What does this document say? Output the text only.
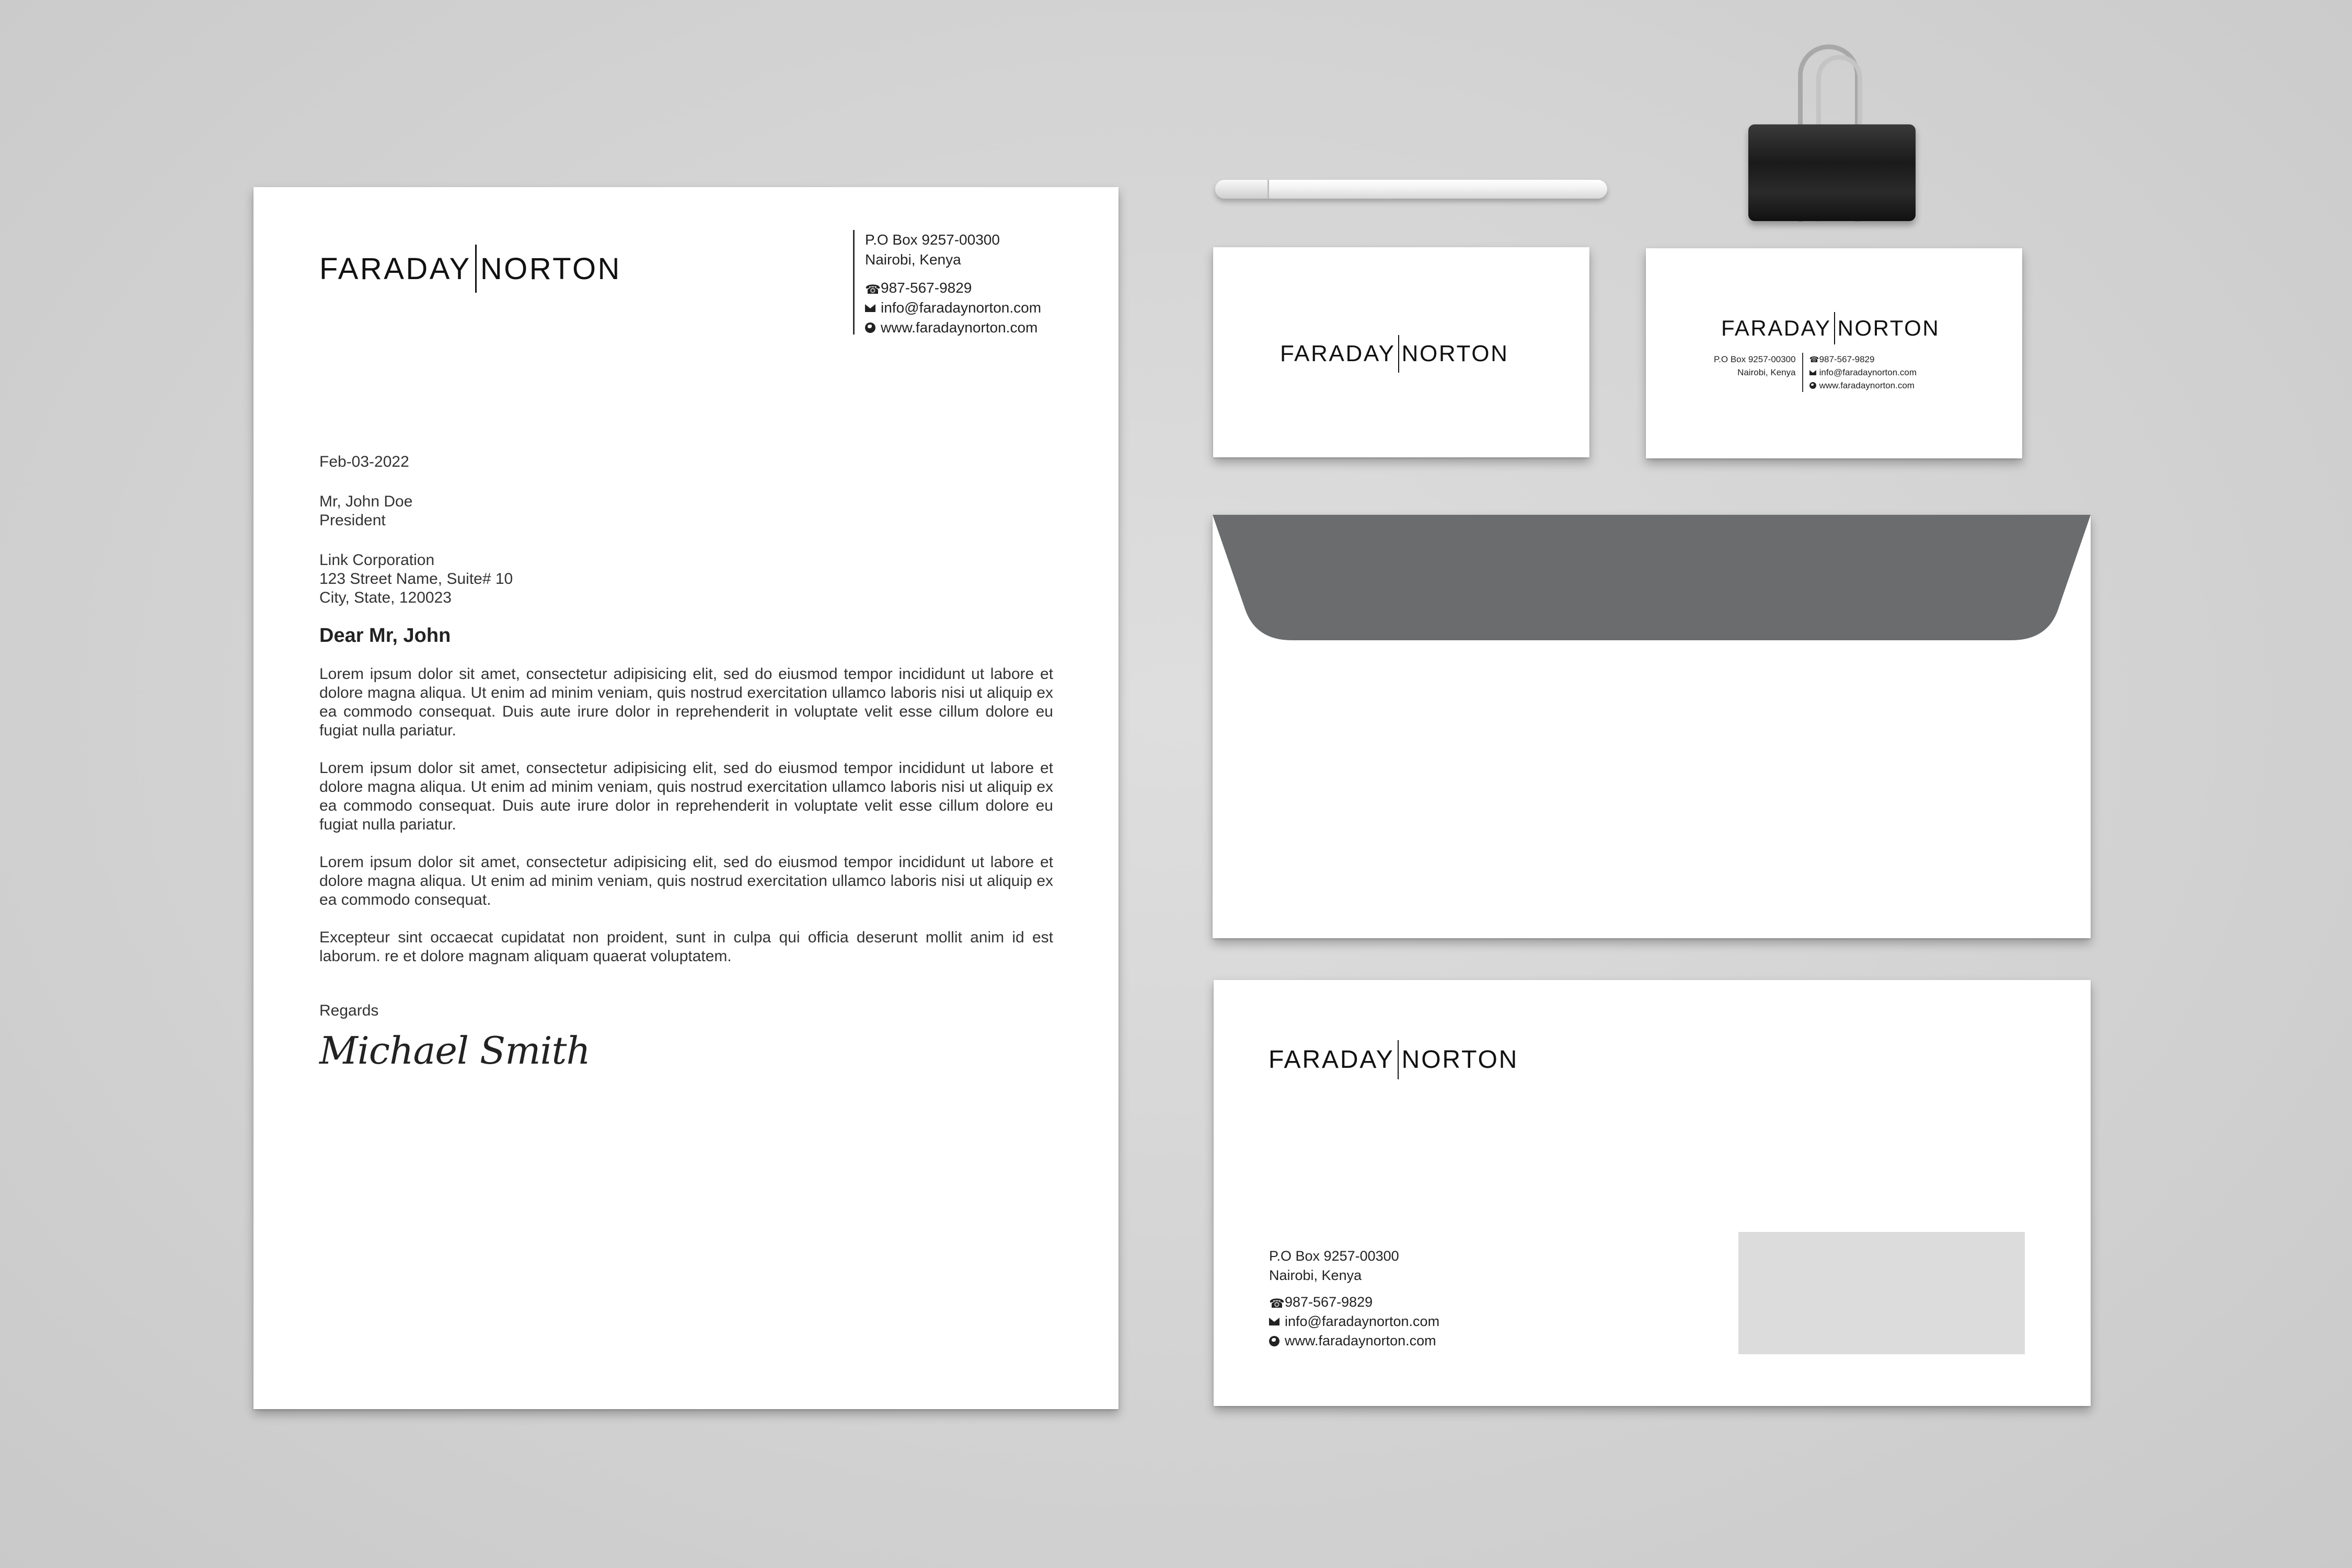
FARADAY NORTON
P.O Box 9257-00300
Nairobi, Kenya
☎
987-567-9829
info@faradaynorton.com
www.faradaynorton.com

Feb-03-2022

Mr, John Doe

President

Link Corporation

123 Street Name, Suite# 10

City, State, 120023

Dear Mr, John

Lorem ipsum dolor sit amet, consectetur adipisicing elit, sed do eiusmod tempor incididunt ut labore et dolore magna aliqua. Ut enim ad minim veniam, quis nostrud exercitation ullamco laboris nisi ut aliquip ex ea commodo consequat. Duis aute irure dolor in reprehenderit in voluptate velit esse cillum dolore eu fugiat nulla pariatur.

Lorem ipsum dolor sit amet, consectetur adipisicing elit, sed do eiusmod tempor incididunt ut labore et dolore magna aliqua. Ut enim ad minim veniam, quis nostrud exercitation ullamco laboris nisi ut aliquip ex ea commodo consequat. Duis aute irure dolor in reprehenderit in voluptate velit esse cillum dolore eu fugiat nulla pariatur.

Lorem ipsum dolor sit amet, consectetur adipisicing elit, sed do eiusmod tempor incididunt ut labore et dolore magna aliqua. Ut enim ad minim veniam, quis nostrud exercitation ullamco laboris nisi ut aliquip ex ea commodo consequat.

Excepteur sint occaecat cupidatat non proident, sunt in culpa qui officia deserunt mollit anim id est laborum. re et dolore magnam aliquam quaerat voluptatem.

Regards

Michael Smith

FARADAY NORTON
FARADAY NORTON
P.O Box 9257-00300
Nairobi, Kenya
☎
987-567-9829
info@faradaynorton.com
www.faradaynorton.com
FARADAY NORTON
P.O Box 9257-00300
Nairobi, Kenya
☎
987-567-9829
info@faradaynorton.com
www.faradaynorton.com
